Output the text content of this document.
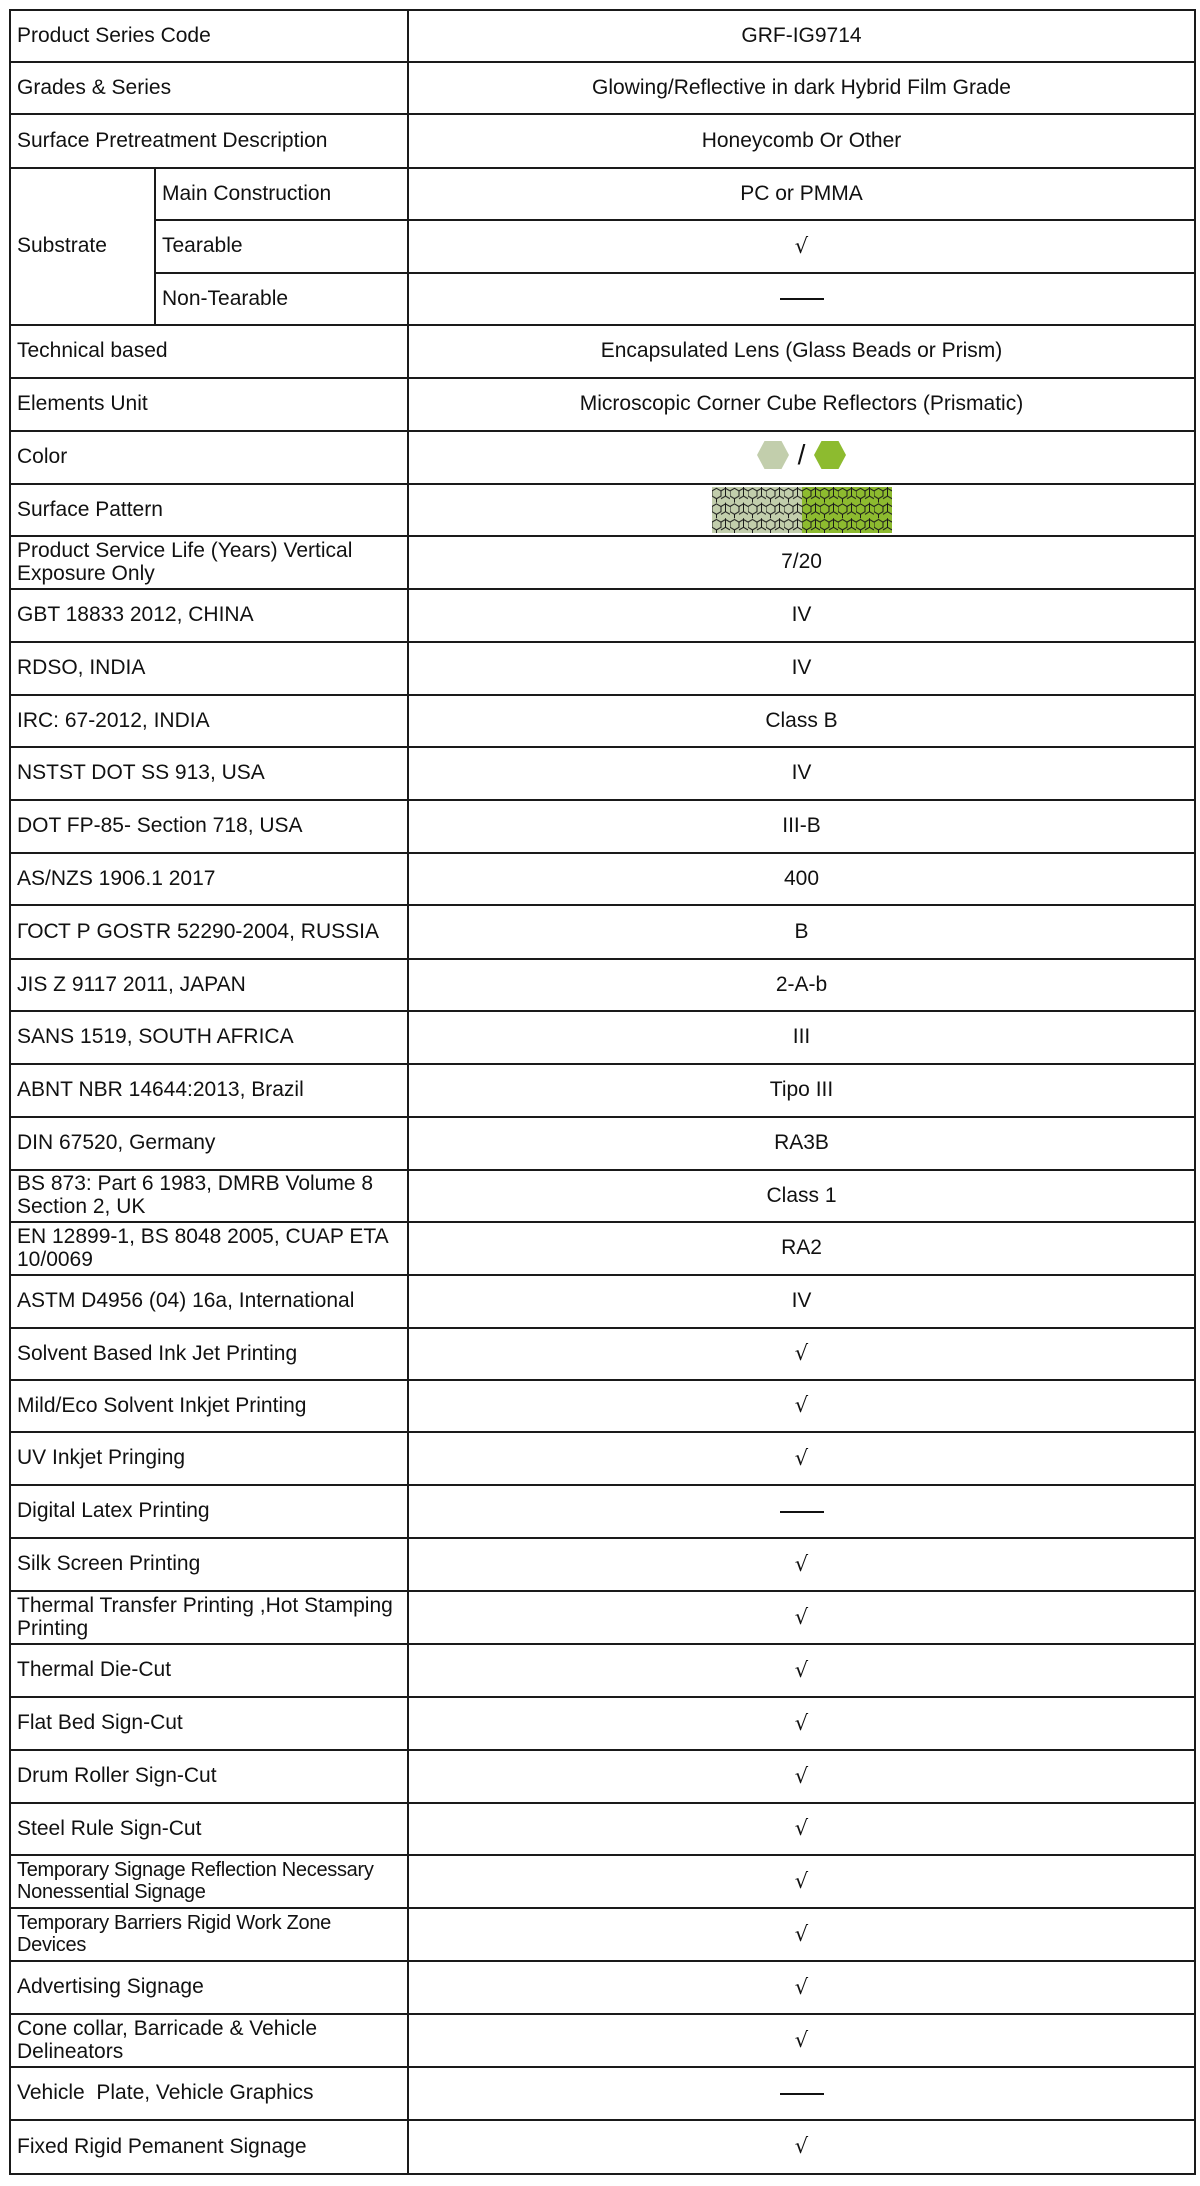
Product Series Code		GRF-IG9714
Grades & Series		Glowing/Reflective in dark Hybrid Film Grade
Surface Pretreatment Description		Honeycomb Or Other
Substrate	Main Construction	PC or PMMA
	Tearable	√
	Non-Tearable	
Technical based		Encapsulated Lens (Glass Beads or Prism)
Elements Unit		Microscopic Corner Cube Reflectors (Prismatic)
Color		/

Surface Pattern	
Product Service Life (Years) Vertical Exposure Only		7/20
GBT 18833 2012, CHINA		IV
RDSO, INDIA		IV
IRC: 67-2012, INDIA		Class B
NSTST DOT SS 913, USA		IV
DOT FP-85- Section 718, USA		III-B
AS/NZS 1906.1 2017		400
ГОСТ Р GOSTR 52290-2004, RUSSIA		B
JIS Z 9117 2011, JAPAN		2-A-b
SANS 1519, SOUTH AFRICA		III
ABNT NBR 14644:2013, Brazil		Tipo III
DIN 67520, Germany		RA3B
BS 873: Part 6 1983, DMRB Volume 8 Section 2, UK		Class 1
EN 12899-1, BS 8048 2005, CUAP ETA 10/0069		RA2
ASTM D4956 (04) 16a, International		IV
Solvent Based Ink Jet Printing		√
Mild/Eco Solvent Inkjet Printing		√
UV Inkjet Pringing		√
Digital Latex Printing		
Silk Screen Printing		√
Thermal Transfer Printing ,Hot Stamping Printing		√
Thermal Die-Cut		√
Flat Bed Sign-Cut		√
Drum Roller Sign-Cut		√
Steel Rule Sign-Cut		√
Temporary Signage Reflection Necessary Nonessential Signage		√
Temporary Barriers Rigid Work Zone Devices		√
Advertising Signage		√
Cone collar, Barricade & Vehicle Delineators		√
Vehicle  Plate, Vehicle Graphics		
Fixed Rigid Pemanent Signage		√
